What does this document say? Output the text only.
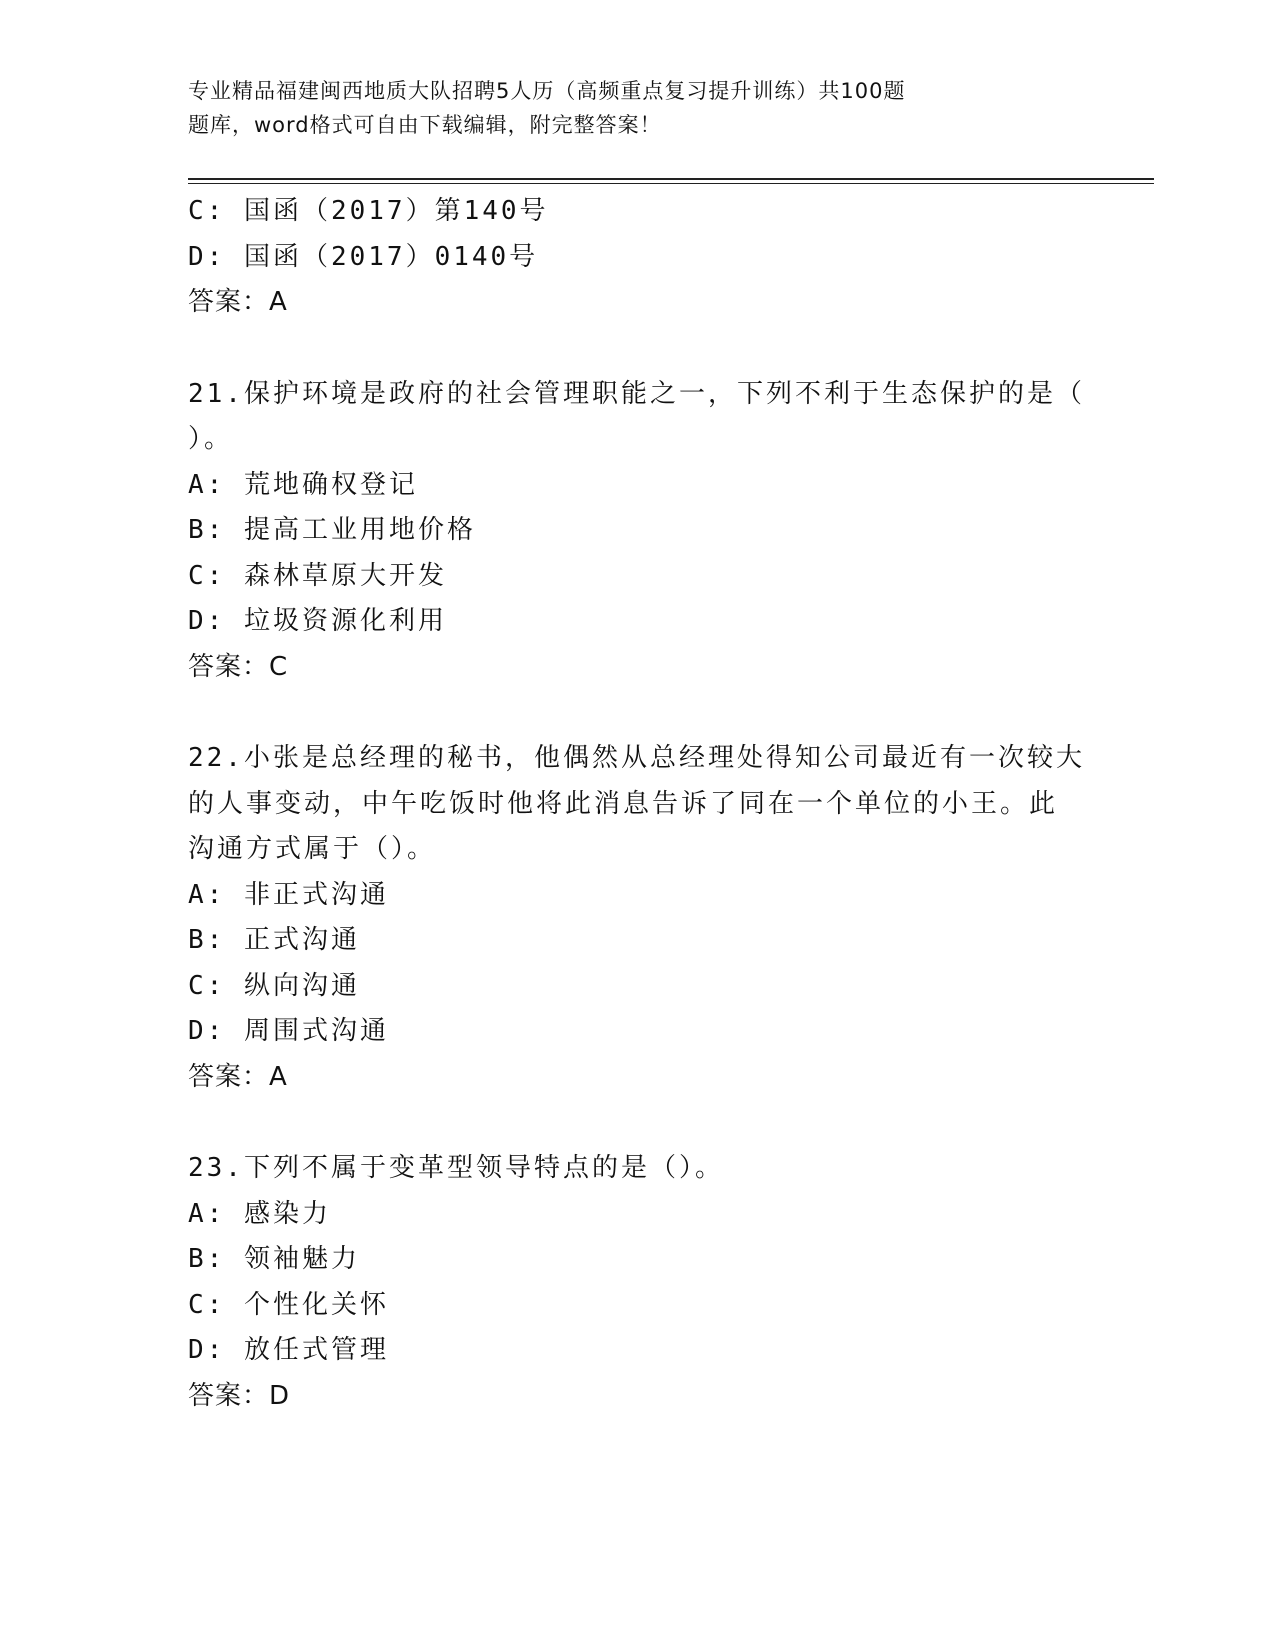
专业精品福建闽西地质大队招聘5人历（高频重点复习提升训练）共100题
题库，word格式可自由下载编辑，附完整答案！
C: 国函（2017）第140号
D: 国函（2017）0140号
答案：A
21.保护环境是政府的社会管理职能之一，下列不利于生态保护的是（
）。
A: 荒地确权登记
B: 提高工业用地价格
C: 森林草原大开发
D: 垃圾资源化利用
答案：C
22.小张是总经理的秘书，他偶然从总经理处得知公司最近有一次较大
的人事变动，中午吃饭时他将此消息告诉了同在一个单位的小王。此
沟通方式属于（）。
A: 非正式沟通
B: 正式沟通
C: 纵向沟通
D: 周围式沟通
答案：A
23.下列不属于变革型领导特点的是（）。
A: 感染力
B: 领袖魅力
C: 个性化关怀
D: 放任式管理
答案：D
